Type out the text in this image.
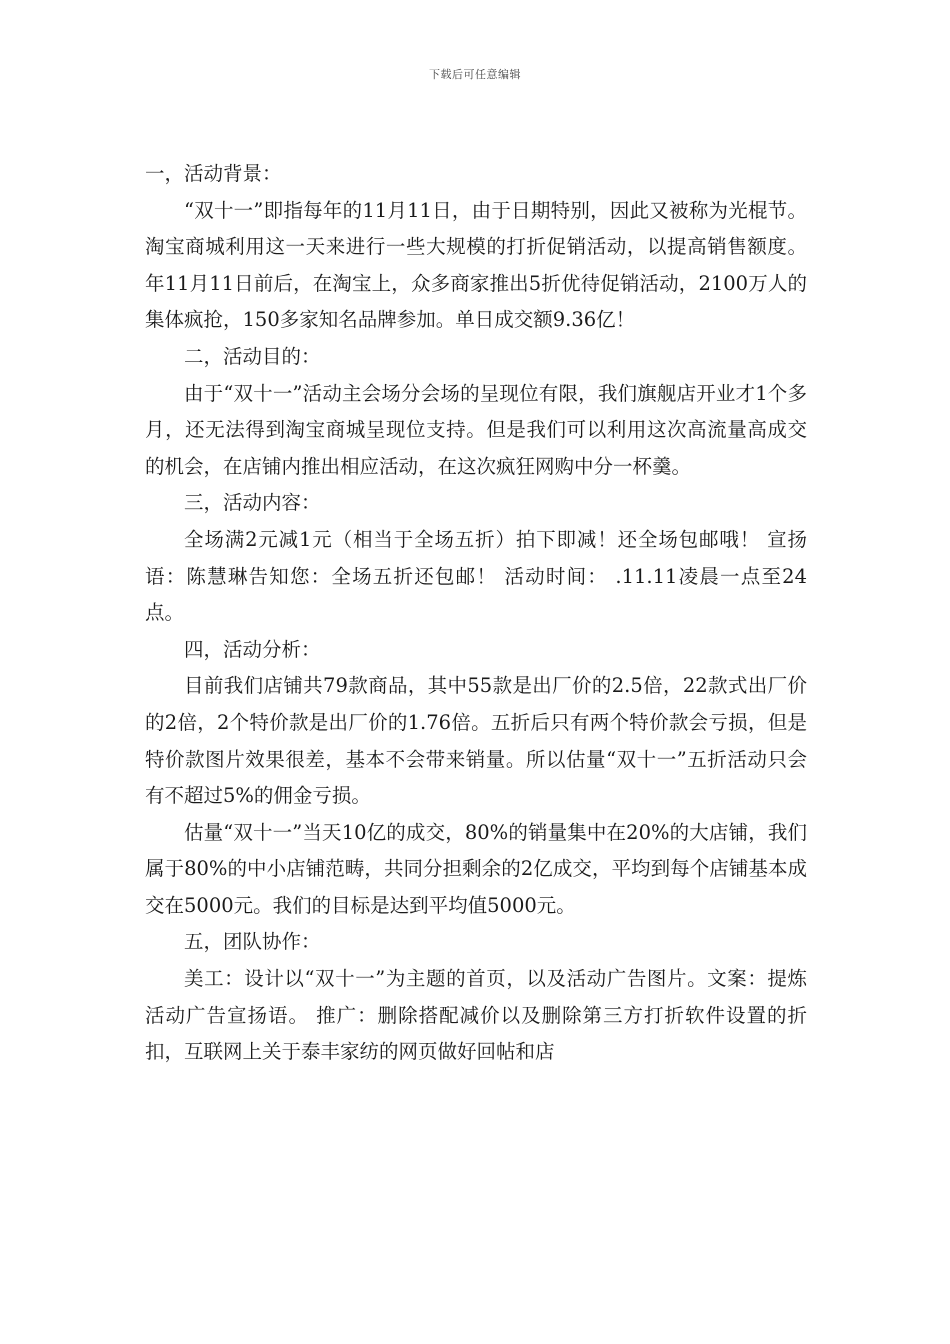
下载后可任意编辑

一，活动背景：

“双十一”即指每年的11月11日，由于日期特别，因此又被称为光棍节。淘宝商城利用这一天来进行一些大规模的打折促销活动，以提高销售额度。 年11月11日前后，在淘宝上，众多商家推出5折优待促销活动，2100万人的集体疯抢，150多家知名品牌参加。单日成交额9.36亿！

二，活动目的：

由于“双十一”活动主会场分会场的呈现位有限，我们旗舰店开业才1个多月，还无法得到淘宝商城呈现位支持。但是我们可以利用这次高流量高成交的机会，在店铺内推出相应活动，在这次疯狂网购中分一杯羹。

三，活动内容：

全场满2元减1元（相当于全场五折）拍下即减！还全场包邮哦！ 宣扬语：陈慧琳告知您：全场五折还包邮！ 活动时间： .11.11凌晨一点至24点。

四，活动分析：

目前我们店铺共79款商品，其中55款是出厂价的2.5倍，22款式出厂价的2倍，2个特价款是出厂价的1.76倍。五折后只有两个特价款会亏损，但是特价款图片效果很差，基本不会带来销量。所以估量“双十一”五折活动只会有不超过5%的佣金亏损。

估量“双十一”当天10亿的成交，80%的销量集中在20%的大店铺，我们属于80%的中小店铺范畴，共同分担剩余的2亿成交，平均到每个店铺基本成交在5000元。我们的目标是达到平均值5000元。

五，团队协作：

美工：设计以“双十一”为主题的首页，以及活动广告图片。文案：提炼活动广告宣扬语。 推广：删除搭配减价以及删除第三方打折软件设置的折扣，互联网上关于泰丰家纺的网页做好回帖和店
